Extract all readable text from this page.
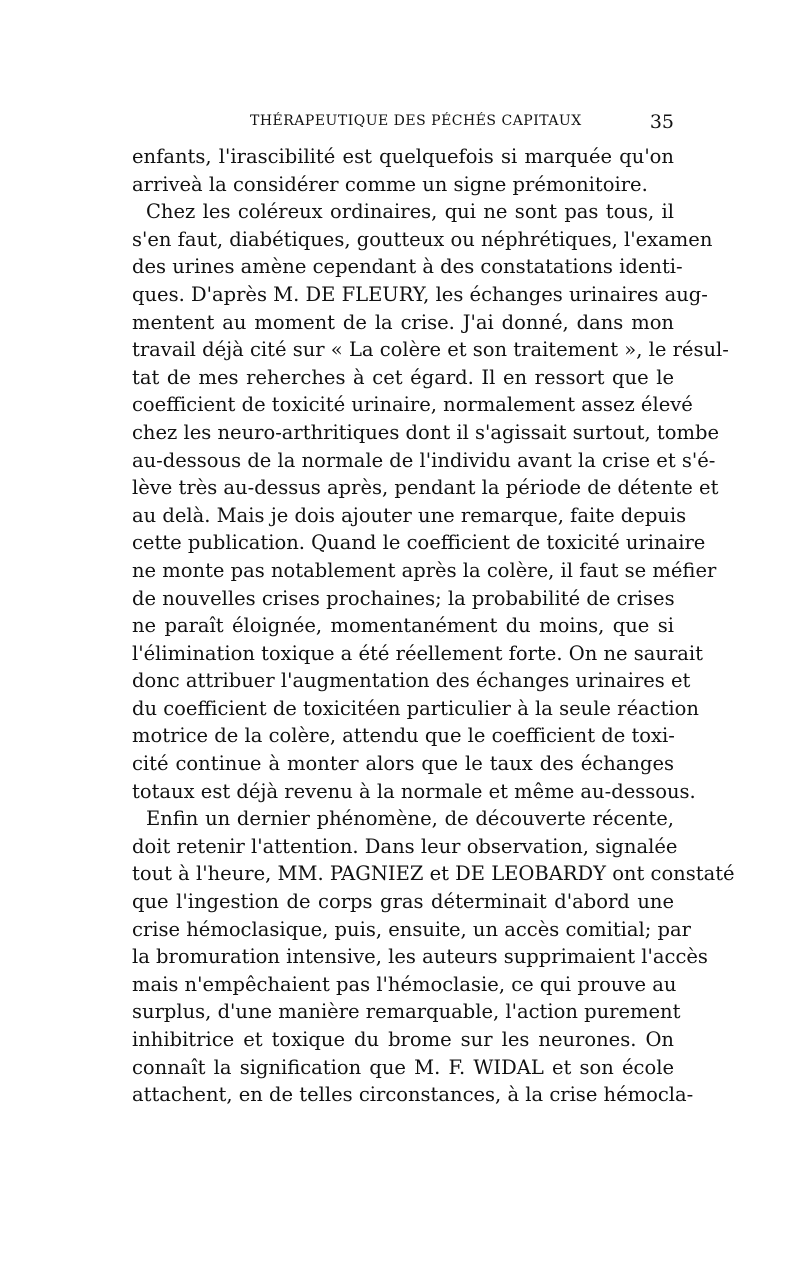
THÉRAPEUTIQUE DES PÉCHÉS CAPITAUX	35
enfants, l'irascibilité est quelquefois si marquée qu'on
arriveà la considérer comme un signe prémonitoire.
Chez les coléreux ordinaires, qui ne sont pas tous, il
s'en faut, diabétiques, goutteux ou néphrétiques, l'examen
des urines amène cependant à des constatations identi-
ques. D'après M. DE FLEURY, les échanges urinaires aug-
mentent au moment de la crise. J'ai donné, dans mon
travail déjà cité sur « La colère et son traitement », le résul-
tat de mes reherches à cet égard. Il en ressort que le
coefficient de toxicité urinaire, normalement assez élevé
chez les neuro-arthritiques dont il s'agissait surtout, tombe
au-dessous de la normale de l'individu avant la crise et s'é-
lève très au-dessus après, pendant la période de détente et
au delà. Mais je dois ajouter une remarque, faite depuis
cette publication. Quand le coefficient de toxicité urinaire
ne monte pas notablement après la colère, il faut se méfier
de nouvelles crises prochaines; la probabilité de crises
ne paraît éloignée, momentanément du moins, que si
l'élimination toxique a été réellement forte. On ne saurait
donc attribuer l'augmentation des échanges urinaires et
du coefficient de toxicitéen particulier à la seule réaction
motrice de la colère, attendu que le coefficient de toxi-
cité continue à monter alors que le taux des échanges
totaux est déjà revenu à la normale et même au-dessous.
Enfin un dernier phénomène, de découverte récente,
doit retenir l'attention. Dans leur observation, signalée
tout à l'heure, MM. PAGNIEZ et DE LEOBARDY ont constaté
que l'ingestion de corps gras déterminait d'abord une
crise hémoclasique, puis, ensuite, un accès comitial; par
la bromuration intensive, les auteurs supprimaient l'accès
mais n'empêchaient pas l'hémoclasie, ce qui prouve au
surplus, d'une manière remarquable, l'action purement
inhibitrice et toxique du brome sur les neurones. On
connaît la signification que M. F. WIDAL et son école
attachent, en de telles circonstances, à la crise hémocla-
